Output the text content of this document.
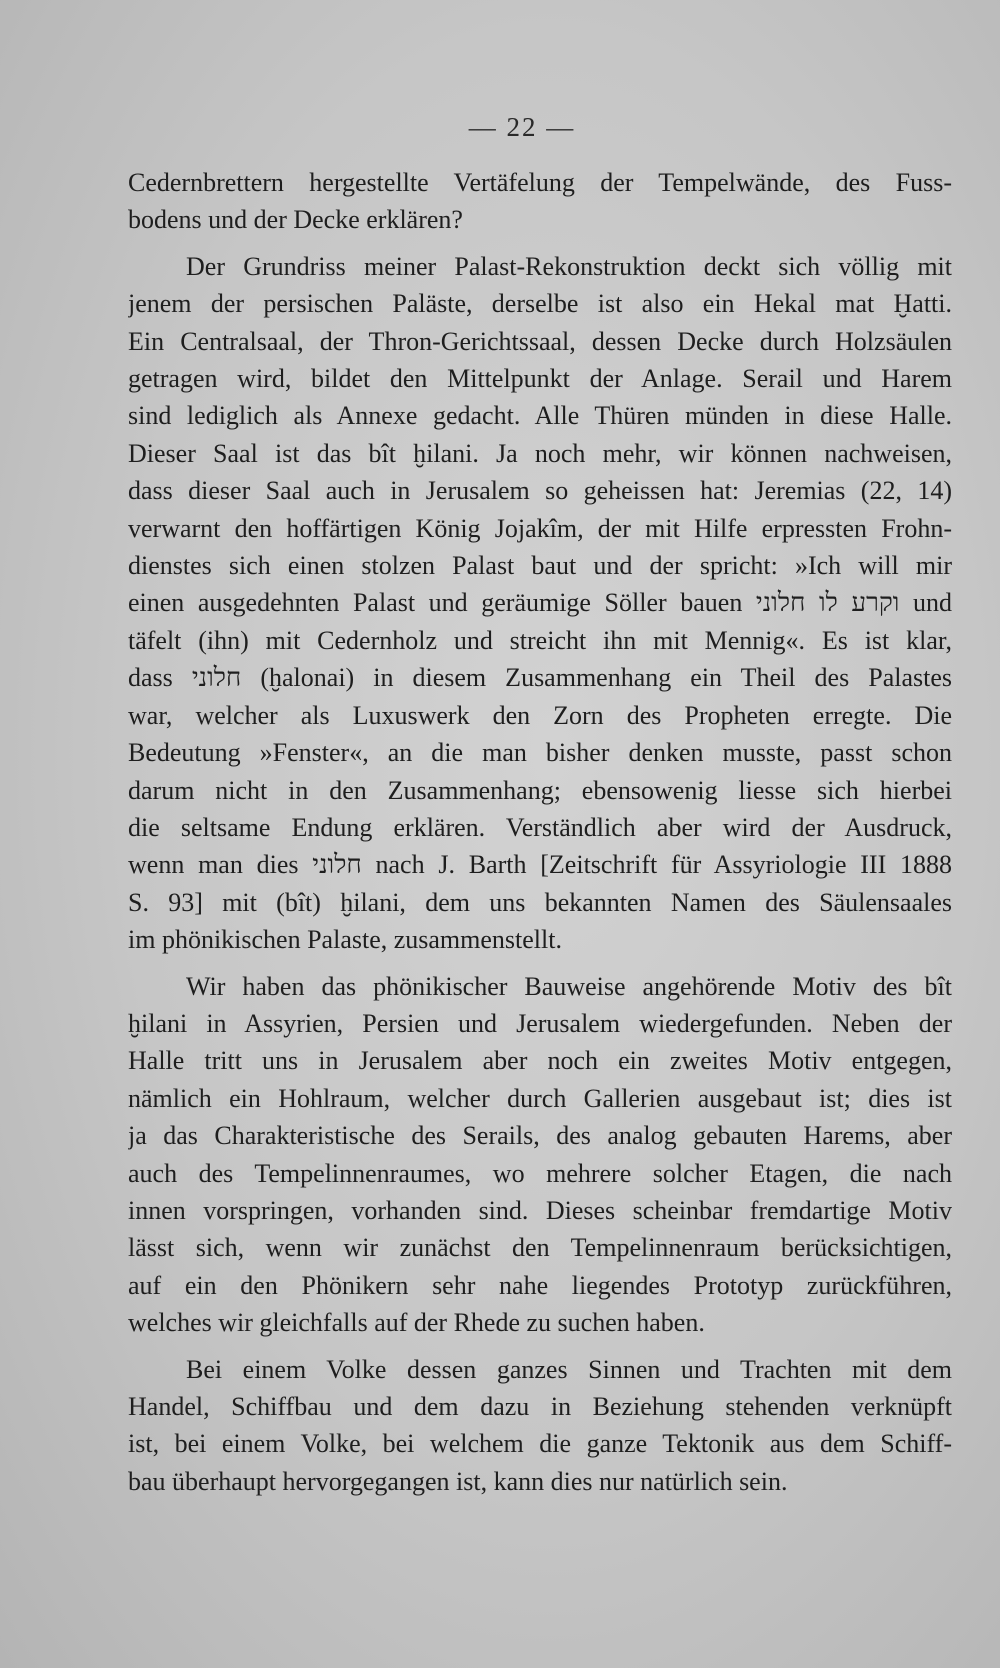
— 22 —
Cedernbrettern hergestellte Vertäfelung der Tempelwände, des Fuss-
bodens und der Decke erklären?
Der Grundriss meiner Palast-Rekonstruktion deckt sich völlig mit
jenem der persischen Paläste, derselbe ist also ein Hekal mat Ḫatti.
Ein Centralsaal, der Thron-Gerichtssaal, dessen Decke durch Holzsäulen
getragen wird, bildet den Mittelpunkt der Anlage. Serail und Harem
sind lediglich als Annexe gedacht. Alle Thüren münden in diese Halle.
Dieser Saal ist das bît ḫilani. Ja noch mehr, wir können nachweisen,
dass dieser Saal auch in Jerusalem so geheissen hat: Jeremias (22, 14)
verwarnt den hoffärtigen König Jojakîm, der mit Hilfe erpressten Frohn-
dienstes sich einen stolzen Palast baut und der spricht: »Ich will mir
einen ausgedehnten Palast und geräumige Söller bauen וקרע לו חלוני und
täfelt (ihn) mit Cedernholz und streicht ihn mit Mennig«. Es ist klar,
dass חלוני (ḫalonai) in diesem Zusammenhang ein Theil des Palastes
war, welcher als Luxuswerk den Zorn des Propheten erregte. Die
Bedeutung »Fenster«, an die man bisher denken musste, passt schon
darum nicht in den Zusammenhang; ebensowenig liesse sich hierbei
die seltsame Endung erklären. Verständlich aber wird der Ausdruck,
wenn man dies חלוני nach J. Barth [Zeitschrift für Assyriologie III 1888
S. 93] mit (bît) ḫilani, dem uns bekannten Namen des Säulensaales
im phönikischen Palaste, zusammenstellt.
Wir haben das phönikischer Bauweise angehörende Motiv des bît
ḫilani in Assyrien, Persien und Jerusalem wiedergefunden. Neben der
Halle tritt uns in Jerusalem aber noch ein zweites Motiv entgegen,
nämlich ein Hohlraum, welcher durch Gallerien ausgebaut ist; dies ist
ja das Charakteristische des Serails, des analog gebauten Harems, aber
auch des Tempelinnenraumes, wo mehrere solcher Etagen, die nach
innen vorspringen, vorhanden sind. Dieses scheinbar fremdartige Motiv
lässt sich, wenn wir zunächst den Tempelinnenraum berücksichtigen,
auf ein den Phönikern sehr nahe liegendes Prototyp zurückführen,
welches wir gleichfalls auf der Rhede zu suchen haben.
Bei einem Volke dessen ganzes Sinnen und Trachten mit dem
Handel, Schiffbau und dem dazu in Beziehung stehenden verknüpft
ist, bei einem Volke, bei welchem die ganze Tektonik aus dem Schiff-
bau überhaupt hervorgegangen ist, kann dies nur natürlich sein.
